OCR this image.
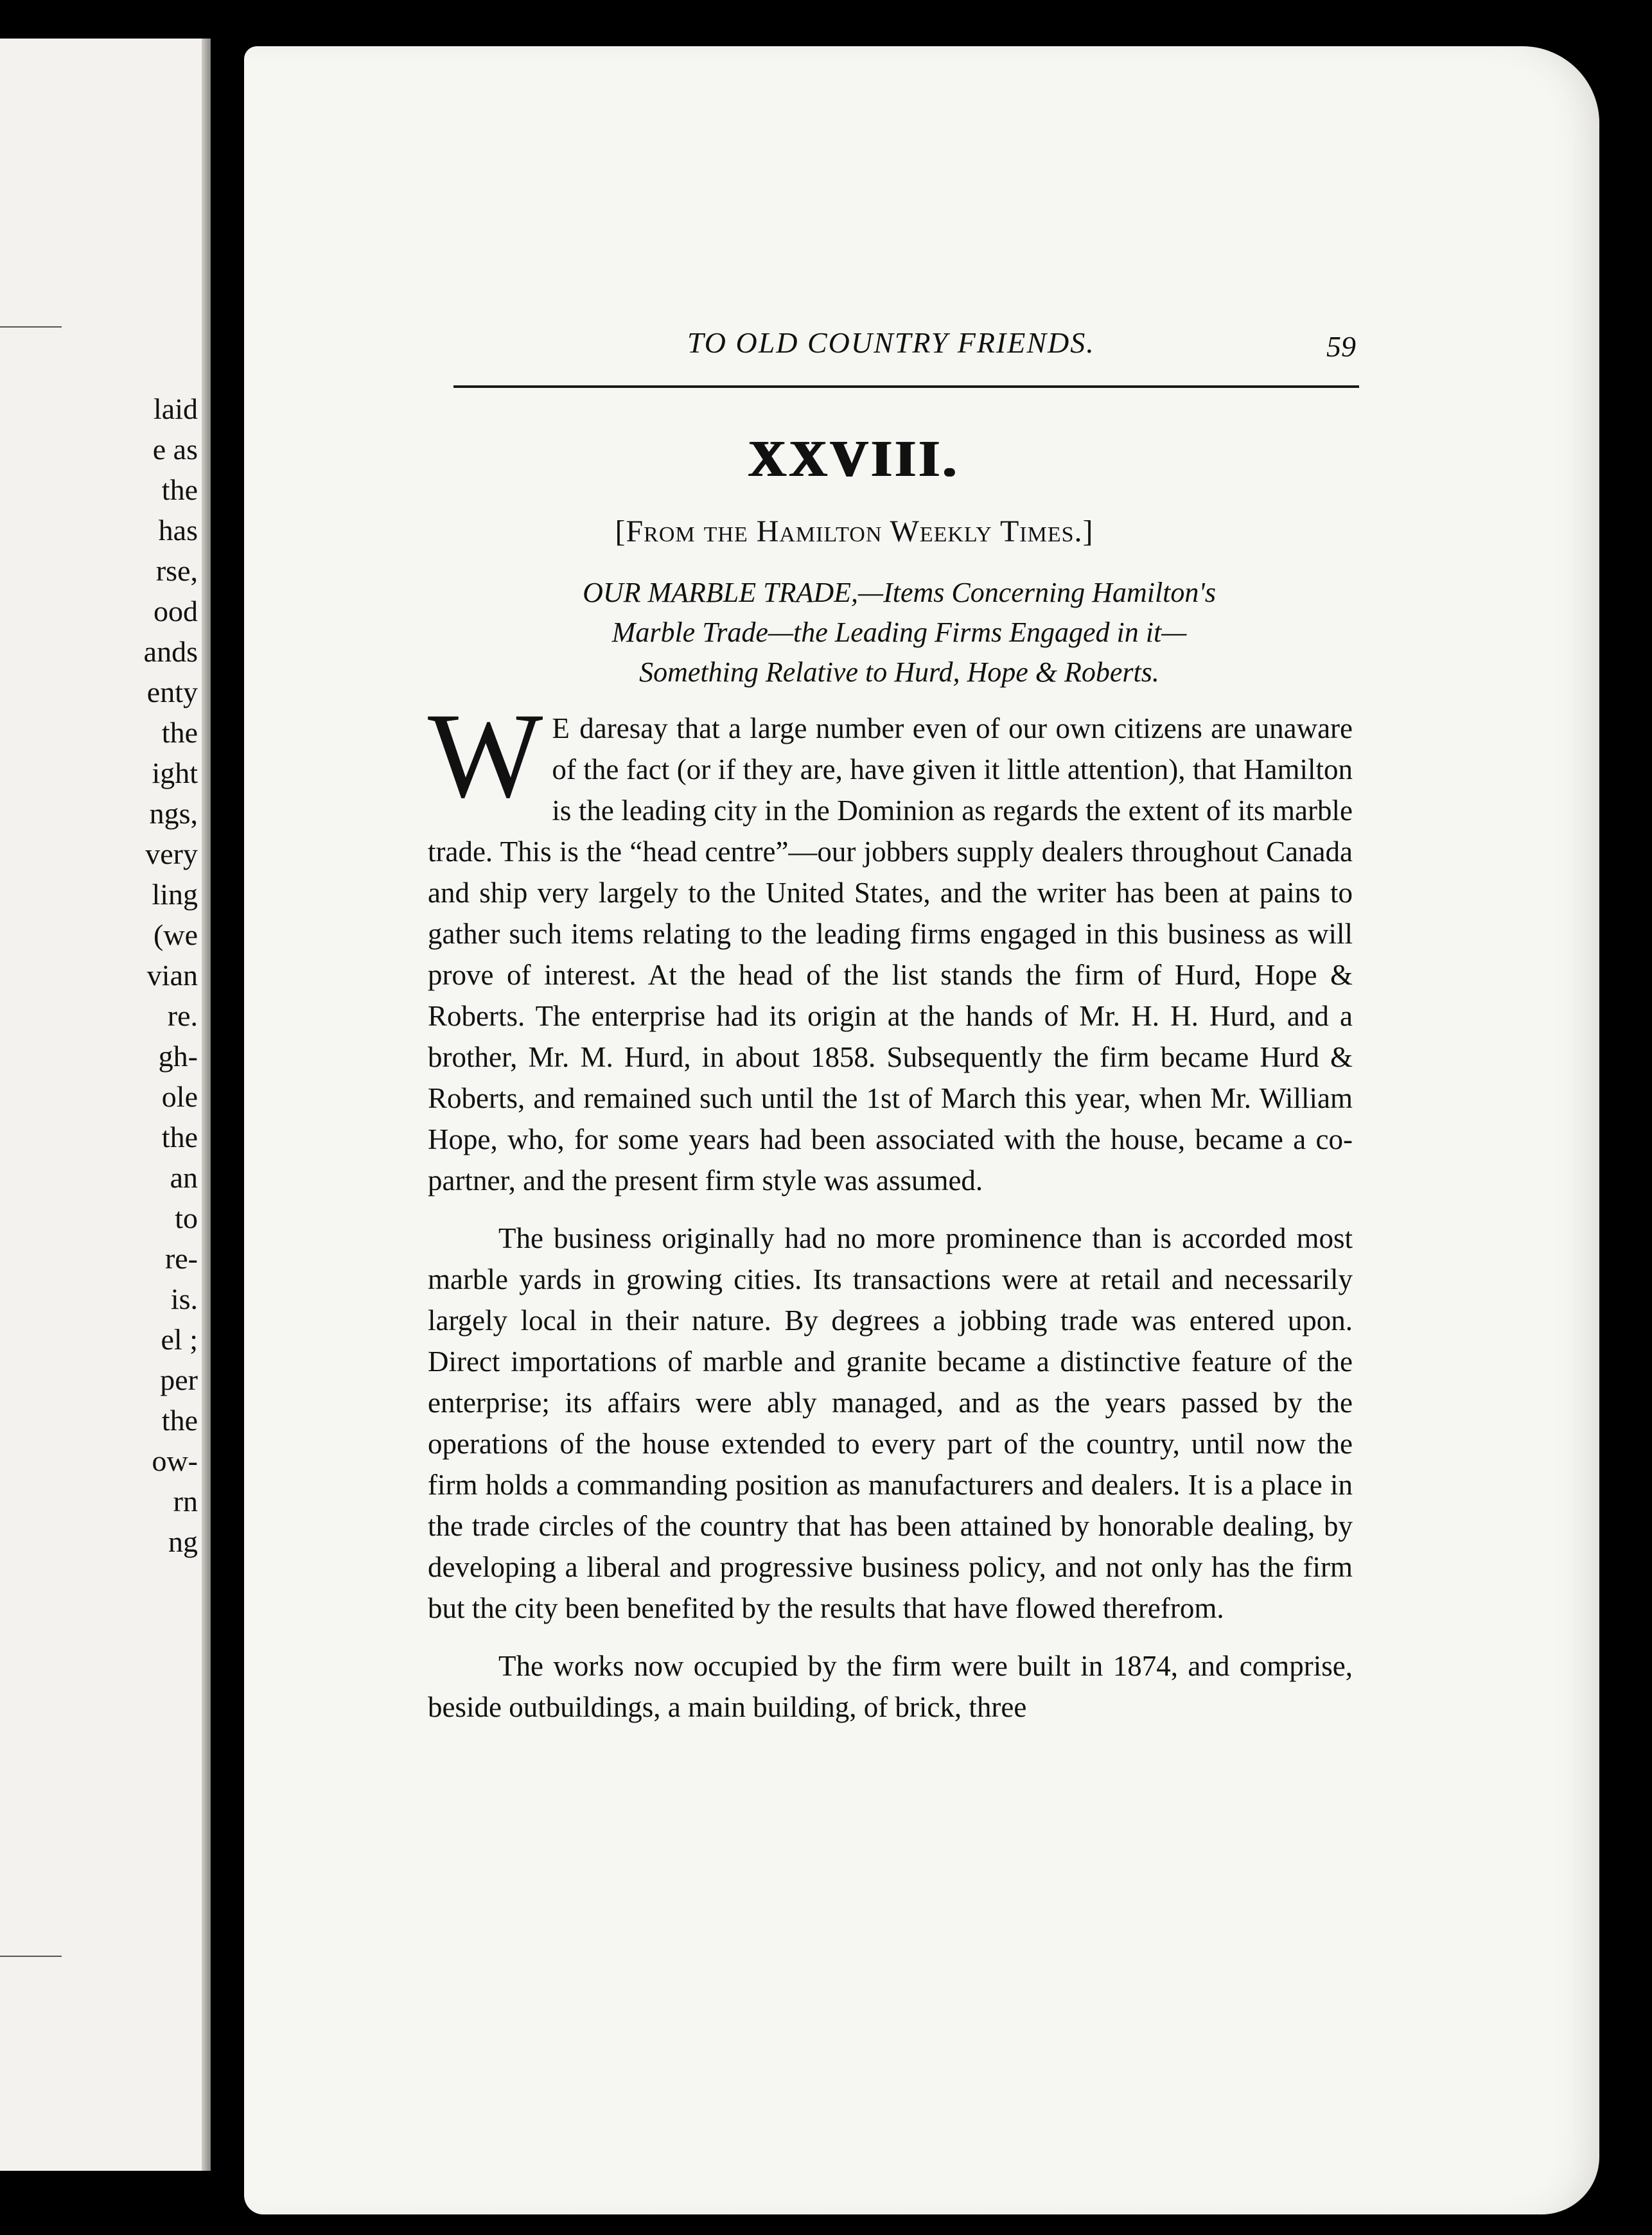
laid
e as
the
has
rse,
ood
ands
enty
the
ight
ngs,
very
ling
(we
vian
re.
gh-
ole
the
an
to
re-
is.
el ;
per
the
ow-
rn
ng
TO OLD COUNTRY FRIENDS.	59
XXVIII.
[From the Hamilton Weekly Times.]
OUR MARBLE TRADE,—Items Concerning Hamilton's
Marble Trade—the Leading Firms Engaged in it—
Something Relative to Hurd, Hope & Roberts.

W E daresay that a large number even of our own citizens are unaware of the fact (or if they are, have given it little attention), that Hamilton is the leading city in the Dominion as regards the extent of its marble trade. This is the “head centre”—our jobbers supply dealers throughout Canada and ship very largely to the United States, and the writer has been at pains to gather such items relating to the leading firms engaged in this business as will prove of interest. At the head of the list stands the firm of Hurd, Hope & Roberts. The enterprise had its origin at the hands of Mr. H. H. Hurd, and a brother, Mr. M. Hurd, in about 1858. Subsequently the firm became Hurd & Roberts, and remained such until the 1st of March this year, when Mr. William Hope, who, for some years had been associated with the house, became a co-partner, and the present firm style was assumed.

The business originally had no more prominence than is accorded most marble yards in growing cities. Its transactions were at retail and necessarily largely local in their nature. By degrees a jobbing trade was entered upon. Direct importations of marble and granite became a distinctive feature of the enterprise; its affairs were ably managed, and as the years passed by the operations of the house extended to every part of the country, until now the firm holds a commanding position as manufacturers and dealers. It is a place in the trade circles of the country that has been attained by honorable dealing, by developing a liberal and progressive business policy, and not only has the firm but the city been benefited by the results that have flowed therefrom.

The works now occupied by the firm were built in 1874, and comprise, beside outbuildings, a main building, of brick, three
